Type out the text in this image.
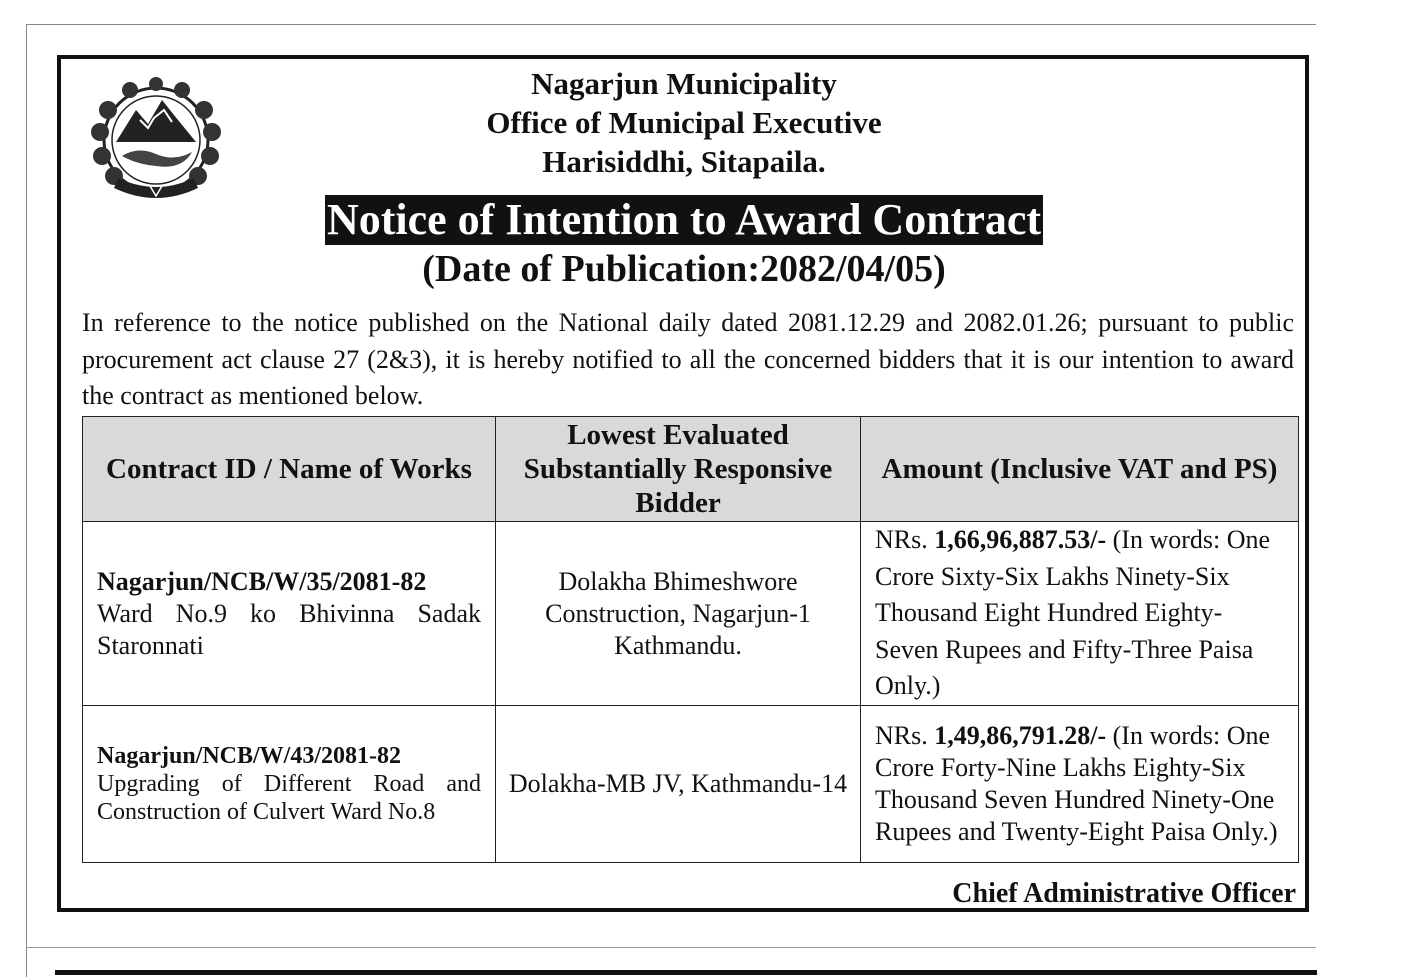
Nagarjun Municipality
Office of Municipal Executive
Harisiddhi, Sitapaila.
Notice of Intention to Award Contract
(Date of Publication:2082/04/05)
In reference to the notice published on the National daily dated 2081.12.29 and 2082.01.26; pursuant to public procurement act clause 27 (2&3), it is hereby notified to all the concerned bidders that it is our intention to award the contract as mentioned below.
Contract ID / Name of Works	Lowest Evaluated Substantially Responsive Bidder	Amount (Inclusive VAT and PS)

Nagarjun/NCB/W/35/2081-82
Ward No.9 ko Bhivinna Sadak Staronnati	Dolakha Bhimeshwore Construction, Nagarjun-1 Kathmandu.	NRs. 1,66,96,887.53/- (In words: One Crore Sixty-Six Lakhs Ninety-Six Thousand Eight Hundred Eighty-Seven Rupees and Fifty-Three Paisa Only.)

Nagarjun/NCB/W/43/2081-82
Upgrading of Different Road and Construction of Culvert Ward No.8	Dolakha-MB JV, Kathmandu-14	NRs. 1,49,86,791.28/- (In words: One Crore Forty-Nine Lakhs Eighty-Six Thousand Seven Hundred Ninety-One Rupees and Twenty-Eight Paisa Only.)
Chief Administrative Officer
